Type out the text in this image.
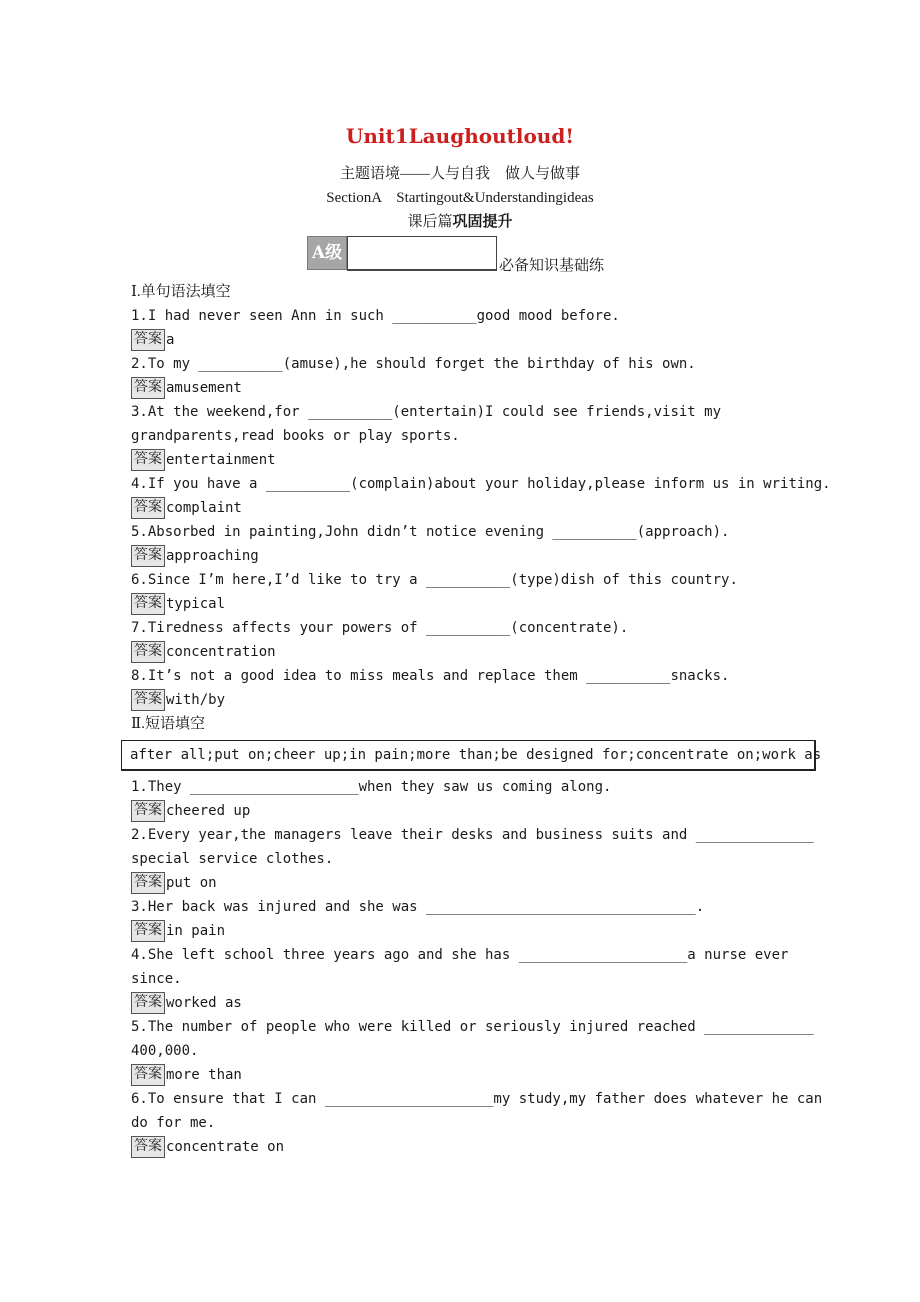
Unit1Laughoutloud!
主题语境——人与自我　做人与做事
SectionA　Startingout&Understandingideas
课后篇巩固提升
A级
必备知识基础练
Ⅰ.单句语法填空
1.I had never seen Ann in such __________good mood before.
答案 a
2.To my __________(amuse),he should forget the birthday of his own.
答案 amusement
3.At the weekend,for __________(entertain)I could see friends,visit my
grandparents,read books or play sports.
答案 entertainment
4.If you have a __________(complain)about your holiday,please inform us in writing.
答案 complaint
5.Absorbed in painting,John didn’t notice evening __________(approach).
答案 approaching
6.Since I’m here,I’d like to try a __________(type)dish of this country.
答案 typical
7.Tiredness affects your powers of __________(concentrate).
答案 concentration
8.It’s not a good idea to miss meals and replace them __________snacks.
答案 with/by
Ⅱ.短语填空
after all;put on;cheer up;in pain;more than;be designed for;concentrate on;work as
1.They ____________________when they saw us coming along.
答案 cheered up
2.Every year,the managers leave their desks and business suits and ______________
special service clothes.
答案 put on
3.Her back was injured and she was ________________________________.
答案 in pain
4.She left school three years ago and she has ____________________a nurse ever
since.
答案 worked as
5.The number of people who were killed or seriously injured reached _____________
400,000.
答案 more than
6.To ensure that I can ____________________my study,my father does whatever he can
do for me.
答案 concentrate on
